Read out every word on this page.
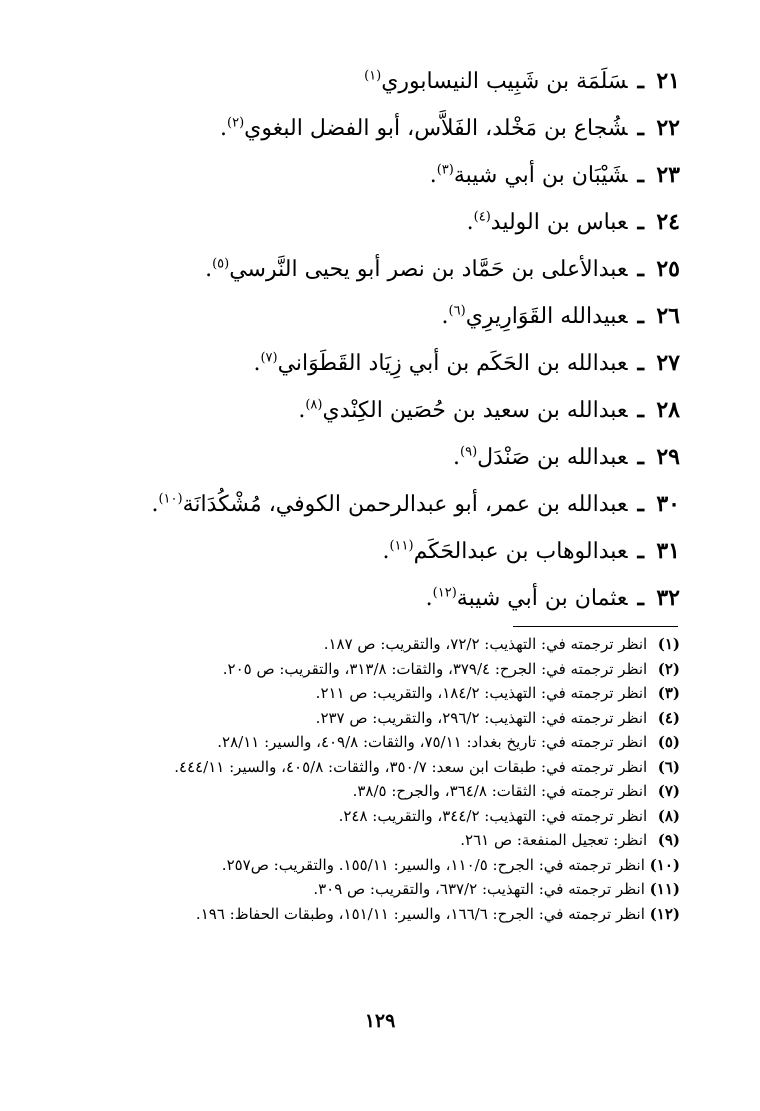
٢١ـسَلَمَة بن شَبِيب النيسابوري$^{(١)}$
٢٢ـشُجاع بن مَخْلد، الفَلاَّس، أبو الفضل البغوي$^{(٢)}$.
٢٣ـشَيْبَان بن أبي شيبة$^{(٣)}$.
٢٤ـعباس بن الوليد$^{(٤)}$.
٢٥ـعبدالأعلى بن حَمَّاد بن نصر أبو يحيى النَّرسي$^{(٥)}$.
٢٦ـعبيدالله القَوَارِيرِي$^{(٦)}$.
٢٧ـعبدالله بن الحَكَم بن أبي زِيَاد القَطَوَاني$^{(٧)}$.
٢٨ـعبدالله بن سعيد بن حُصَين الكِنْدي$^{(٨)}$.
٢٩ـعبدالله بن صَنْدَل$^{(٩)}$.
٣٠ـعبدالله بن عمر، أبو عبدالرحمن الكوفي، مُشْكُدَانَة$^{(١٠)}$.
٣١ـعبدالوهاب بن عبدالحَكَم$^{(١١)}$.
٣٢ـعثمان بن أبي شيبة$^{(١٢)}$.
(١) انظر ترجمته في: التهذيب: ٧٢/٢، والتقريب: ص ١٨٧.
(٢) انظر ترجمته في: الجرح: ٣٧٩/٤، والثقات: ٣١٣/٨، والتقريب: ص ٢٠٥.
(٣) انظر ترجمته في: التهذيب: ١٨٤/٢، والتقريب: ص ٢١١.
(٤) انظر ترجمته في: التهذيب: ٢٩٦/٢، والتقريب: ص ٢٣٧.
(٥) انظر ترجمته في: تاريخ بغداد: ٧٥/١١، والثقات: ٤٠٩/٨، والسير: ٢٨/١١.
(٦) انظر ترجمته في: طبقات ابن سعد: ٣٥٠/٧، والثقات: ٤٠٥/٨، والسير: ٤٤٤/١١.
(٧) انظر ترجمته في: الثقات: ٣٦٤/٨، والجرح: ٣٨/٥.
(٨) انظر ترجمته في: التهذيب: ٣٤٤/٢، والتقريب: ٢٤٨.
(٩) انظر: تعجيل المنفعة: ص ٢٦١.
(١٠) انظر ترجمته في: الجرح: ١١٠/٥، والسير: ١٥٥/١١. والتقريب: ص٢٥٧.
(١١) انظر ترجمته في: التهذيب: ٦٣٧/٢، والتقريب: ص ٣٠٩.
(١٢) انظر ترجمته في: الجرح: ١٦٦/٦، والسير: ١٥١/١١، وطبقات الحفاظ: ١٩٦.
١٢٩
